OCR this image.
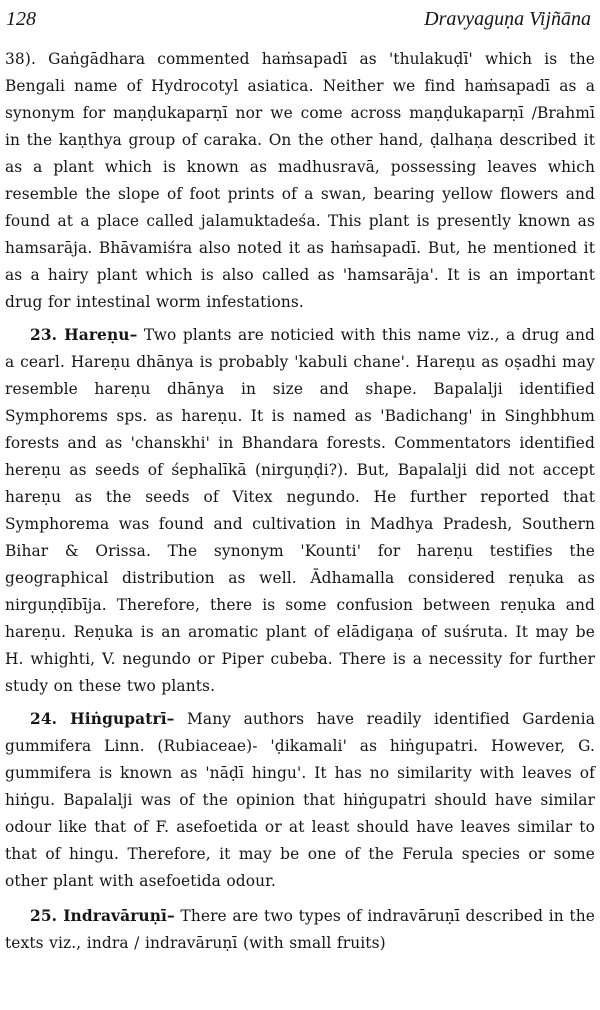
128	Dravyaguṇa Vijñāna

38). Gaṅgādhara commented haṁsapadī as 'thulakuḍī' which is the Bengali name of Hydrocotyl asiatica. Neither we find haṁsapadī as a synonym for maṇḍukaparṇī nor we come across maṇḍukaparṇī /Brahmī in the kaṇthya group of caraka. On the other hand, ḍalhaṇa described it as a plant which is known as madhusravā, possessing leaves which resemble the slope of foot prints of a swan, bearing yellow flowers and found at a place called jalamuktadeśa. This plant is presently known as hamsarāja. Bhāvamiśra also noted it as haṁsapadī. But, he mentioned it as a hairy plant which is also called as 'hamsarāja'. It is an important drug for intestinal worm infestations.

23. Hareṇu– Two plants are noticied with this name viz., a drug and a cearl. Hareṇu dhānya is probably 'kabuli chane'. Hareṇu as oṣadhi may resemble hareṇu dhānya in size and shape. Bapalalji identified Symphorems sps. as hareṇu. It is named as 'Badichang' in Singhbhum forests and as 'chanskhi' in Bhandara forests. Commentators identified hereṇu as seeds of śephalīkā (nirguṇḍi?). But, Bapalalji did not accept hareṇu as the seeds of Vitex negundo. He further reported that Symphorema was found and cultivation in Madhya Pradesh, Southern Bihar & Orissa. The synonym 'Kounti' for hareṇu testifies the geographical distribution as well. Ādhamalla considered reṇuka as nirguṇḍībīja. Therefore, there is some confusion between reṇuka and hareṇu. Reṇuka is an aromatic plant of elādigaṇa of suśruta. It may be H. whighti, V. negundo or Piper cubeba. There is a necessity for further study on these two plants.

24. Hiṅgupatrī– Many authors have readily identified Gardenia gummifera Linn. (Rubiaceae)- 'ḍikamali' as hiṅgupatri. However, G. gummifera is known as 'nāḍī hingu'. It has no similarity with leaves of hiṅgu. Bapalalji was of the opinion that hiṅgupatri should have similar odour like that of F. asefoetida or at least should have leaves similar to that of hingu. Therefore, it may be one of the Ferula species or some other plant with asefoetida odour.

25. Indravāruṇī– There are two types of indravāruṇī described in the texts viz., indra / indravāruṇī (with small fruits)
